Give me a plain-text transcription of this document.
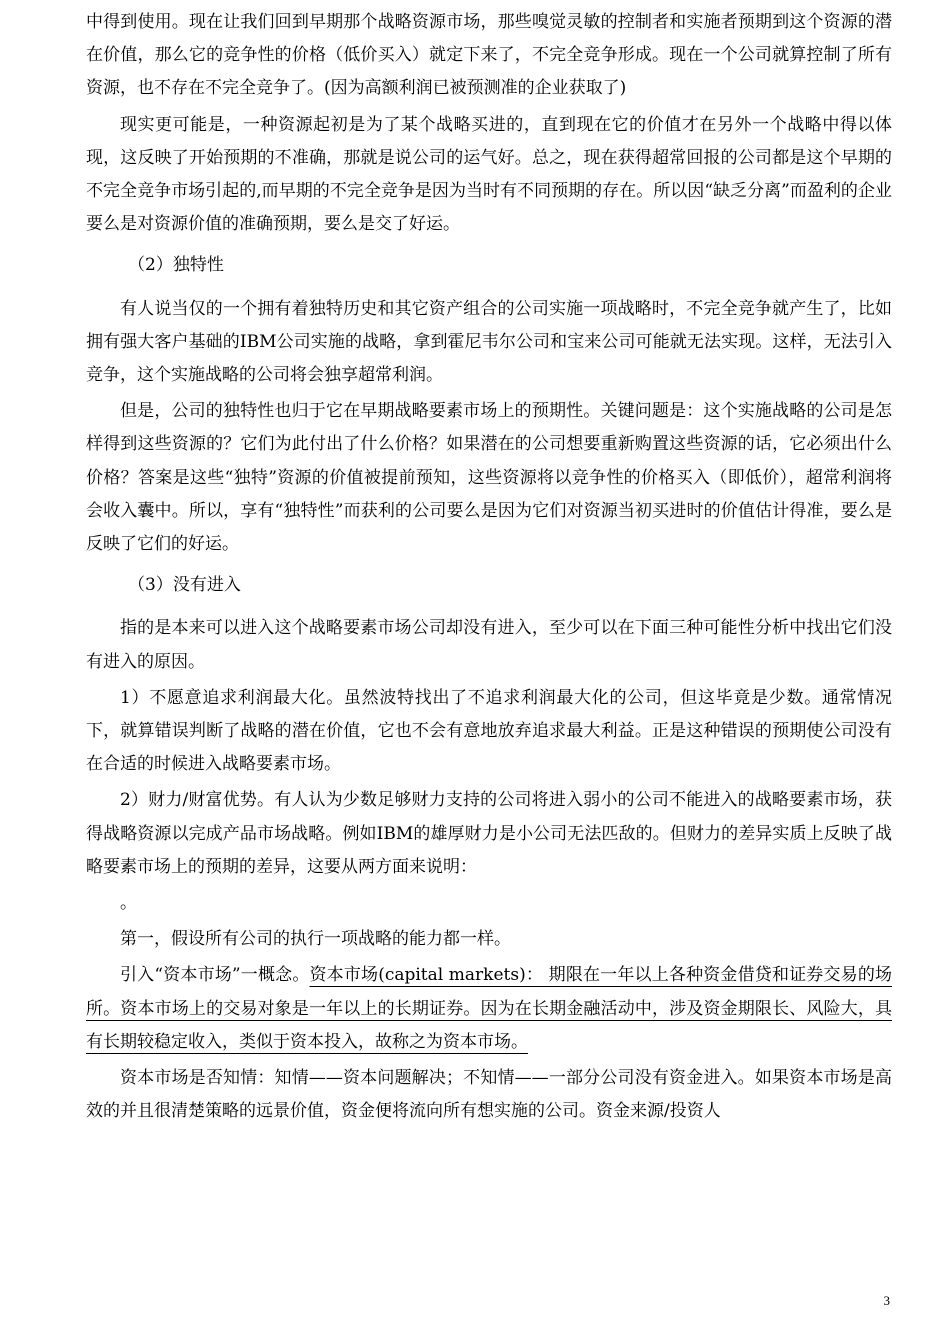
中得到使用。现在让我们回到早期那个战略资源市场，那些嗅觉灵敏的控制者和实施者预期到这个资源的潜在价值，那么它的竞争性的价格（低价买入）就定下来了，不完全竞争形成。现在一个公司就算控制了所有资源，也不存在不完全竞争了。(因为高额利润已被预测准的企业获取了)

现实更可能是，一种资源起初是为了某个战略买进的，直到现在它的价值才在另外一个战略中得以体现，这反映了开始预期的不准确，那就是说公司的运气好。总之，现在获得超常回报的公司都是这个早期的不完全竞争市场引起的,而早期的不完全竞争是因为当时有不同预期的存在。所以因“缺乏分离”而盈利的企业要么是对资源价值的准确预期，要么是交了好运。

（2）独特性

有人说当仅的一个拥有着独特历史和其它资产组合的公司实施一项战略时，不完全竞争就产生了，比如拥有强大客户基础的IBM公司实施的战略，拿到霍尼韦尔公司和宝来公司可能就无法实现。这样，无法引入竞争，这个实施战略的公司将会独享超常利润。

但是，公司的独特性也归于它在早期战略要素市场上的预期性。关键问题是：这个实施战略的公司是怎样得到这些资源的？它们为此付出了什么价格？如果潜在的公司想要重新购置这些资源的话，它必须出什么价格？答案是这些“独特”资源的价值被提前预知，这些资源将以竞争性的价格买入（即低价），超常利润将会收入囊中。所以，享有“独特性”而获利的公司要么是因为它们对资源当初买进时的价值估计得准，要么是反映了它们的好运。

（3）没有进入

指的是本来可以进入这个战略要素市场公司却没有进入，至少可以在下面三种可能性分析中找出它们没有进入的原因。

1）不愿意追求利润最大化。虽然波特找出了不追求利润最大化的公司，但这毕竟是少数。通常情况下，就算错误判断了战略的潜在价值，它也不会有意地放弃追求最大利益。正是这种错误的预期使公司没有在合适的时候进入战略要素市场。

2）财力/财富优势。有人认为少数足够财力支持的公司将进入弱小的公司不能进入的战略要素市场，获得战略资源以完成产品市场战略。例如IBM的雄厚财力是小公司无法匹敌的。但财力的差异实质上反映了战略要素市场上的预期的差异，这要从两方面来说明：

。

第一，假设所有公司的执行一项战略的能力都一样。

引入“资本市场”一概念。资本市场(capital markets)： 期限在一年以上各种资金借贷和证券交易的场所。资本市场上的交易对象是一年以上的长期证券。因为在长期金融活动中，涉及资金期限长、风险大，具有长期较稳定收入，类似于资本投入，故称之为资本市场。

资本市场是否知情：知情——资本问题解决；不知情——一部分公司没有资金进入。如果资本市场是高效的并且很清楚策略的远景价值，资金便将流向所有想实施的公司。资金来源/投资人

3
